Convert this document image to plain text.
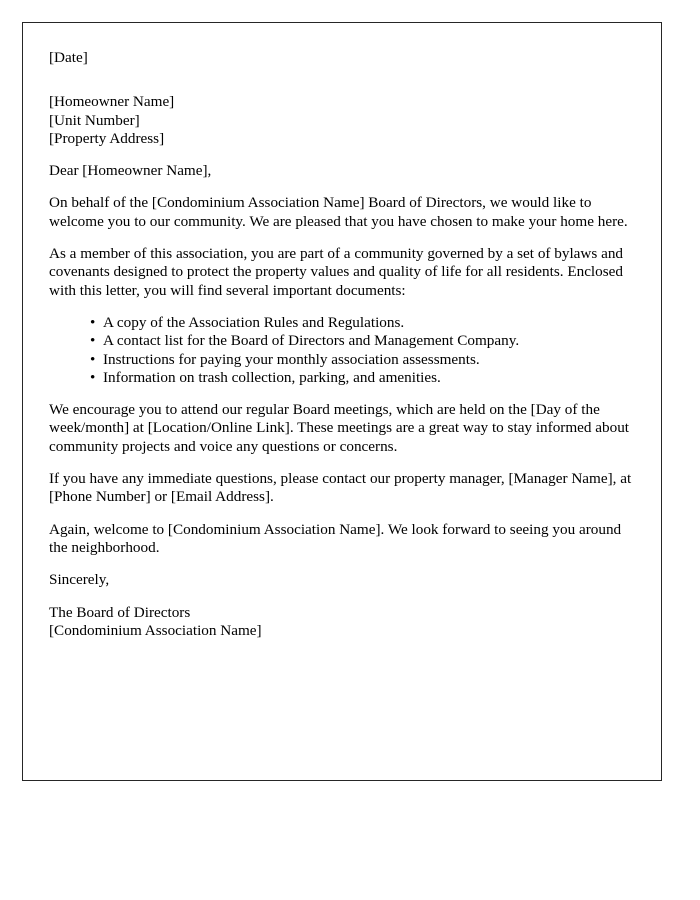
[Date]

[Homeowner Name]
[Unit Number]
[Property Address]

Dear [Homeowner Name],

On behalf of the [Condominium Association Name] Board of Directors, we would like to welcome you to our community. We are pleased that you have chosen to make your home here.

As a member of this association, you are part of a community governed by a set of bylaws and covenants designed to protect the property values and quality of life for all residents. Enclosed with this letter, you will find several important documents:

• A copy of the Association Rules and Regulations.
• A contact list for the Board of Directors and Management Company.
• Instructions for paying your monthly association assessments.
• Information on trash collection, parking, and amenities.

We encourage you to attend our regular Board meetings, which are held on the [Day of the week/month] at [Location/Online Link]. These meetings are a great way to stay informed about community projects and voice any questions or concerns.

If you have any immediate questions, please contact our property manager, [Manager Name], at [Phone Number] or [Email Address].

Again, welcome to [Condominium Association Name]. We look forward to seeing you around the neighborhood.

Sincerely,

The Board of Directors
[Condominium Association Name]
